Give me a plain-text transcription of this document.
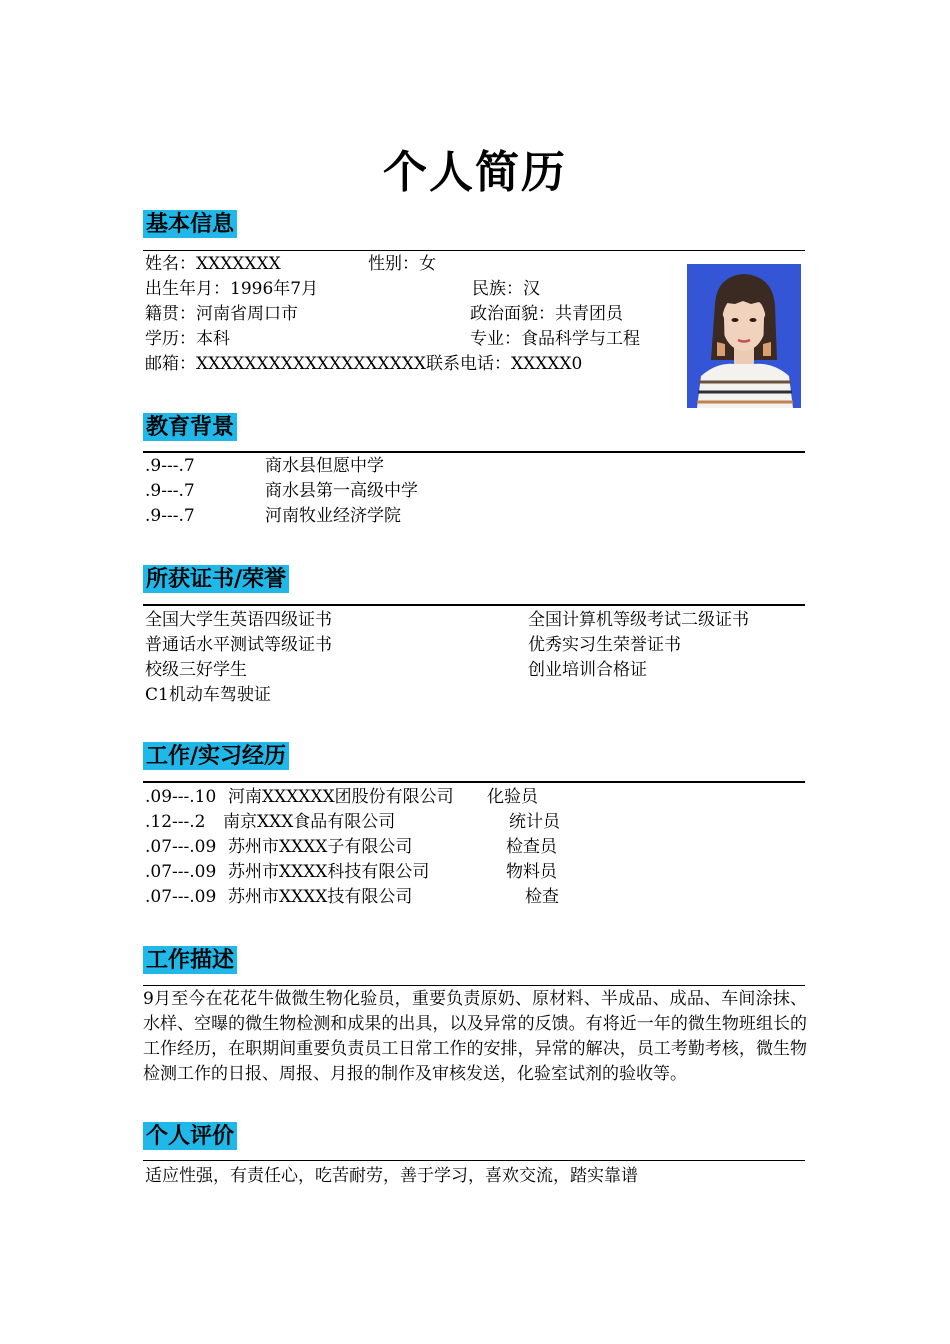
个人简历
基本信息
姓名：XXXXXXX	性别：女
出生年月：1996年7月	民族：汉
籍贯：河南省周口市	政治面貌：共青团员
学历：本科	专业：食品科学与工程
邮箱：XXXXXXXXXXXXXXXXXXX 联系电话：XXXXX0
教育背景
.9---.7	商水县但愿中学
.9---.7	商水县第一高级中学
.9---.7	河南牧业经济学院
所获证书/荣誉
全国大学生英语四级证书	全国计算机等级考试二级证书
普通话水平测试等级证书	优秀实习生荣誉证书
校级三好学生	创业培训合格证
C1机动车驾驶证
工作/实习经历
.09---.10 河南XXXXXX团股份有限公司 化验员
.12---.2 南京XXX食品有限公司	统计员
.07---.09 苏州市XXXX子有限公司	检查员
.07---.09 苏州市XXXX科技有限公司	物料员
.07---.09 苏州市XXXX技有限公司	检查
工作描述
9月至今在花花牛做微生物化验员，重要负责原奶、原材料、半成品、成品、车间涂抹、水样、空曝的微生物检测和成果的出具，以及异常的反馈。有将近一年的微生物班组长的工作经历，在职期间重要负责员工日常工作的安排，异常的解决，员工考勤考核，微生物检测工作的日报、周报、月报的制作及审核发送，化验室试剂的验收等。
个人评价
适应性强，有责任心，吃苦耐劳，善于学习，喜欢交流，踏实靠谱
